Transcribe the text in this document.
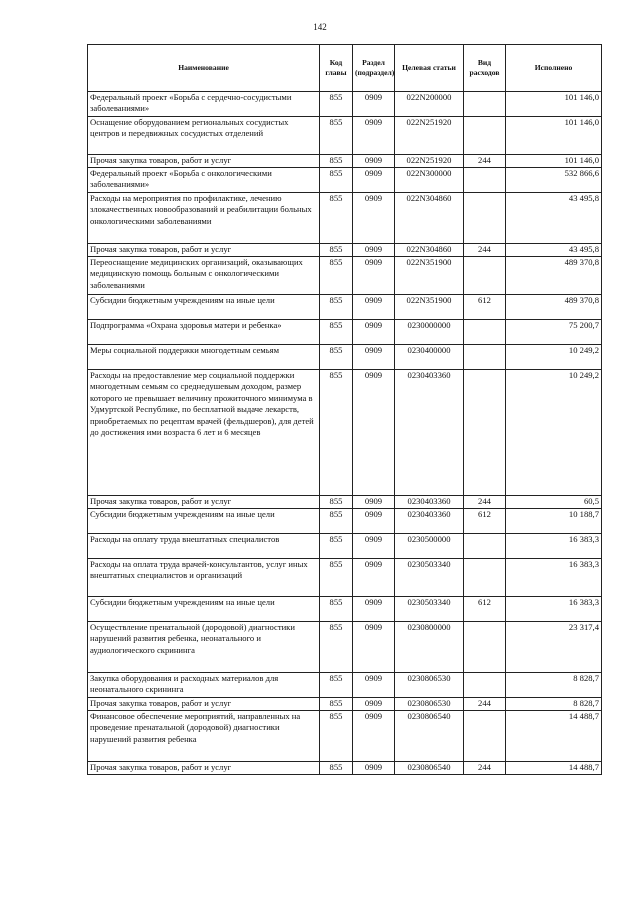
142
Наименование	Код главы	Раздел (подраздел)	Целевая статьи	Вид расходов	Исполнено
Федеральный проект «Борьба с сердечно-сосудистыми заболеваниями»	855	0909	022N200000		101 146,0
Оснащение оборудованием региональных сосудистых центров и передвижных сосудистых отделений	855	0909	022N251920		101 146,0
Прочая закупка товаров, работ и услуг	855	0909	022N251920	244	101 146,0
Федеральный проект «Борьба с онкологическими заболеваниями»	855	0909	022N300000		532 866,6
Расходы на мероприятия по профилактике, лечению злокачественных новообразований и реабилитации больных онкологическими заболеваниями	855	0909	022N304860		43 495,8
Прочая закупка товаров, работ и услуг	855	0909	022N304860	244	43 495,8
Переоснащение медицинских организаций, оказывающих медицинскую помощь больным с онкологическими заболеваниями	855	0909	022N351900		489 370,8
Субсидии бюджетным учреждениям на иные цели	855	0909	022N351900	612	489 370,8
Подпрограмма «Охрана здоровья матери и ребенка»	855	0909	0230000000		75 200,7
Меры социальной поддержки многодетным семьям	855	0909	0230400000		10 249,2
Расходы на предоставление мер социальной поддержки многодетным семьям со среднедушевым доходом, размер которого не превышает величину прожиточного минимума в Удмуртской Республике, по бесплатной выдаче лекарств, приобретаемых по рецептам врачей (фельдшеров), для детей до достижения ими возраста 6 лет и 6 месяцев	855	0909	0230403360		10 249,2
Прочая закупка товаров, работ и услуг	855	0909	0230403360	244	60,5
Субсидии бюджетным учреждениям на иные цели	855	0909	0230403360	612	10 188,7
Расходы на оплату труда внештатных специалистов	855	0909	0230500000		16 383,3
Расходы на оплата труда врачей-консультантов, услуг иных внештатных специалистов и организаций	855	0909	0230503340		16 383,3
Субсидии бюджетным учреждениям на иные цели	855	0909	0230503340	612	16 383,3
Осуществление пренатальной (дородовой) диагностики нарушений развития ребенка, неонатального и аудиологического скрининга	855	0909	0230800000		23 317,4
Закупка оборудования и расходных материалов для неонатального скрининга	855	0909	0230806530		8 828,7
Прочая закупка товаров, работ и услуг	855	0909	0230806530	244	8 828,7
Финансовое обеспечение мероприятий, направленных на проведение пренатальной (дородовой) диагностики нарушений развития ребенка	855	0909	0230806540		14 488,7
Прочая закупка товаров, работ и услуг	855	0909	0230806540	244	14 488,7
